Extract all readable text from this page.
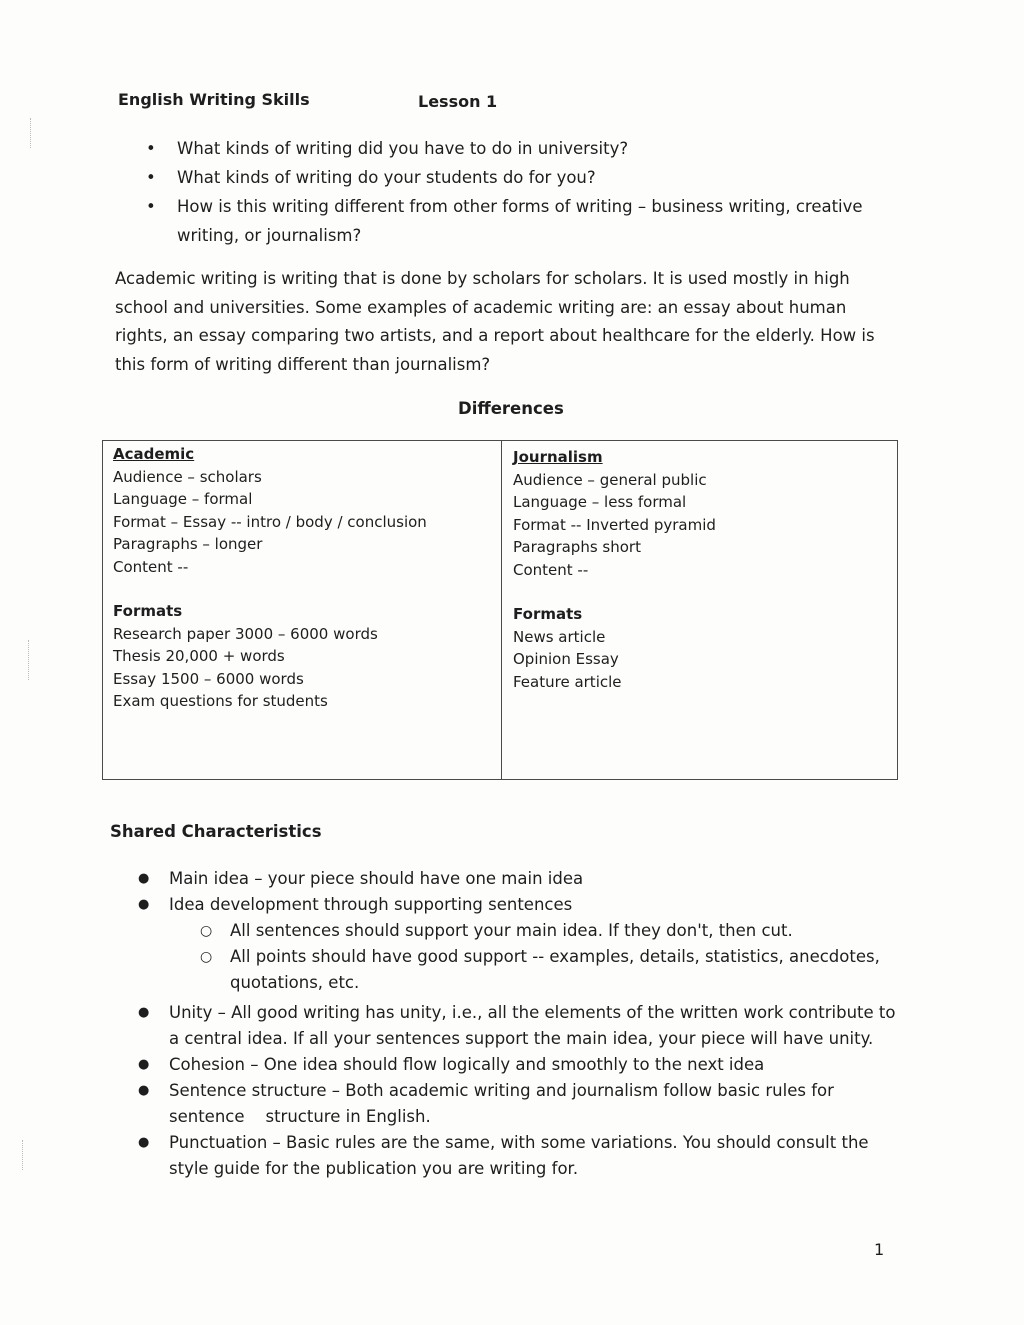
English Writing Skills	Lesson 1
• What kinds of writing did you have to do in university?
• What kinds of writing do your students do for you?
• How is this writing different from other forms of writing – business writing, creative writing, or journalism?
Academic writing is writing that is done by scholars for scholars. It is used mostly in high school and universities. Some examples of academic writing are: an essay about human rights, an essay comparing two artists, and a report about healthcare for the elderly. How is this form of writing different than journalism?
Differences
Academic
Audience – scholars
Language – formal
Format – Essay -- intro / body / conclusion
Paragraphs – longer
Content --
Formats
Research paper 3000 – 6000 words
Thesis 20,000 + words
Essay 1500 – 6000 words
Exam questions for students
Journalism
Audience – general public
Language – less formal
Format -- Inverted pyramid
Paragraphs short
Content --
Formats
News article
Opinion Essay
Feature article
Shared Characteristics
● Main idea – your piece should have one main idea
● Idea development through supporting sentences
○ All sentences should support your main idea. If they don't, then cut.
○ All points should have good support -- examples, details, statistics, anecdotes, quotations, etc.
● Unity – All good writing has unity, i.e., all the elements of the written work contribute to a central idea. If all your sentences support the main idea, your piece will have unity.
● Cohesion – One idea should flow logically and smoothly to the next idea
● Sentence structure – Both academic writing and journalism follow basic rules for sentence    structure in English.
● Punctuation – Basic rules are the same, with some variations. You should consult the style guide for the publication you are writing for.
1
